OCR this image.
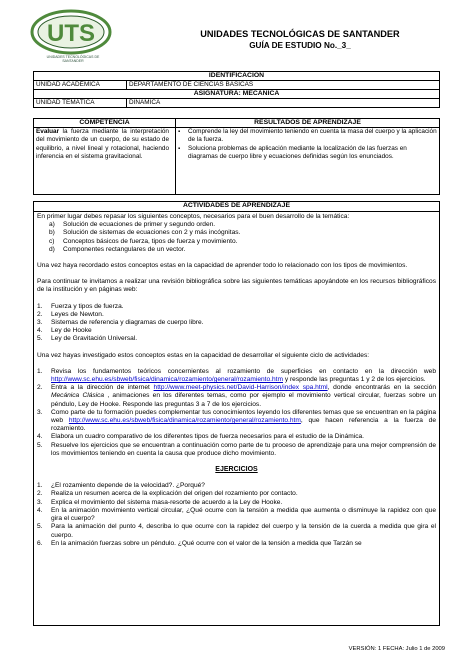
UTS
UNIDADES TECNOLÓGICAS DE SANTANDER
UNIDADES TECNOLÓGICAS DE SANTANDER
GUÍA DE ESTUDIO No._3_
IDENTIFICACIÓN	
UNIDAD ACADÉMICA	DEPARTAMENTO DE CIENCIAS BASICAS
ASIGNATURA: MECANICA	
UNIDAD TEMÁTICA	DINAMICA
COMPETENCIA	RESULTADOS DE APRENDIZAJE

Evaluar la fuerza mediante la interpretación del movimiento de un cuerpo, de su estado de equilibrio, a nivel lineal y rotacional, haciendo inferencia en el sistema gravitacional.	▪ Comprende la ley del movimiento teniendo en cuenta la masa del cuerpo y la aplicación de la fuerza.
▪ Soluciona problemas de aplicación mediante la localización de las fuerzas en diagramas de cuerpo libre y ecuaciones definidas según los enunciados.
ACTIVIDADES DE APRENDIZAJE

En primer lugar debes repasar los siguientes conceptos, necesarios para el buen desarrollo de la temática:

a)	Solución de ecuaciones de primer y segundo orden.
b)	Solución de sistemas de ecuaciones con 2 y más incógnitas.
c)	Conceptos básicos de fuerza, tipos de fuerza y movimiento.
d)	Componentes rectangulares de un vector.

Una vez haya recordado estos conceptos estas en la capacidad de aprender todo lo relacionado con los tipos de movimientos.

Para continuar te invitamos a realizar una revisión bibliográfica sobre las siguientes temáticas apoyándote en los recursos bibliográficos de la institución y en páginas web:

1.	Fuerza y tipos de fuerza.
2.	Leyes de Newton.
3.	Sistemas de referencia y diagramas de cuerpo libre.
4.	Ley de Hooke
5.	Ley de Gravitación Universal.

Una vez hayas investigado estos conceptos estas en la capacidad de desarrollar el siguiente ciclo de actividades:

1.	Revisa los fundamentos teóricos concernientes al rozamiento de superficies en contacto en la dirección web http://www.sc.ehu.es/sbweb/fisica/dinamica/rozamiento/general/rozamiento.htm y responde las preguntas 1 y 2 de los ejercicios.
2.	Entra a la dirección de internet http://www.meet-physics.net/David-Harrison/index_spa.html, donde encontrarás en la sección Mecánica Clásica , animaciones en los diferentes temas, como por ejemplo el movimiento vertical circular, fuerzas sobre un péndulo, Ley de Hooke. Responde las preguntas 3 a 7 de los ejercicios.
3.	Como parte de tu formación puedes complementar tus conocimientos leyendo los diferentes temas que se encuentran en la página web http://www.sc.ehu.es/sbweb/fisica/dinamica/rozamiento/general/rozamiento.htm, que hacen referencia a la fuerza de rozamiento.
4.	Elabora un cuadro comparativo de los diferentes tipos de fuerza necesarios para el estudio de la Dinámica.
5.	Resuelve los ejercicios que se encuentran a continuación como parte de tu proceso de aprendizaje para una mejor comprensión de los movimientos teniendo en cuenta la causa que produce dicho movimiento.
EJERCICIOS
1.	¿El rozamiento depende de la velocidad?. ¿Porqué?
2.	Realiza un resumen acerca de la explicación del origen del rozamiento por contacto.
3.	Explica el movimiento del sistema masa-resorte de acuerdo a la Ley de Hooke.
4.	En la animación movimiento vertical circular, ¿Qué ocurre con la tensión a medida que aumenta o disminuye la rapidez con que gira el cuerpo?
5.	Para la animación del punto 4, describa lo que ocurre con la rapidez del cuerpo y la tensión de la cuerda a medida que gira el cuerpo.
6.	En la animación fuerzas sobre un péndulo. ¿Qué ocurre con el valor de la tensión a medida que Tarzán se
VERSIÓN: 1 FECHA: Julio 1 de 2009
